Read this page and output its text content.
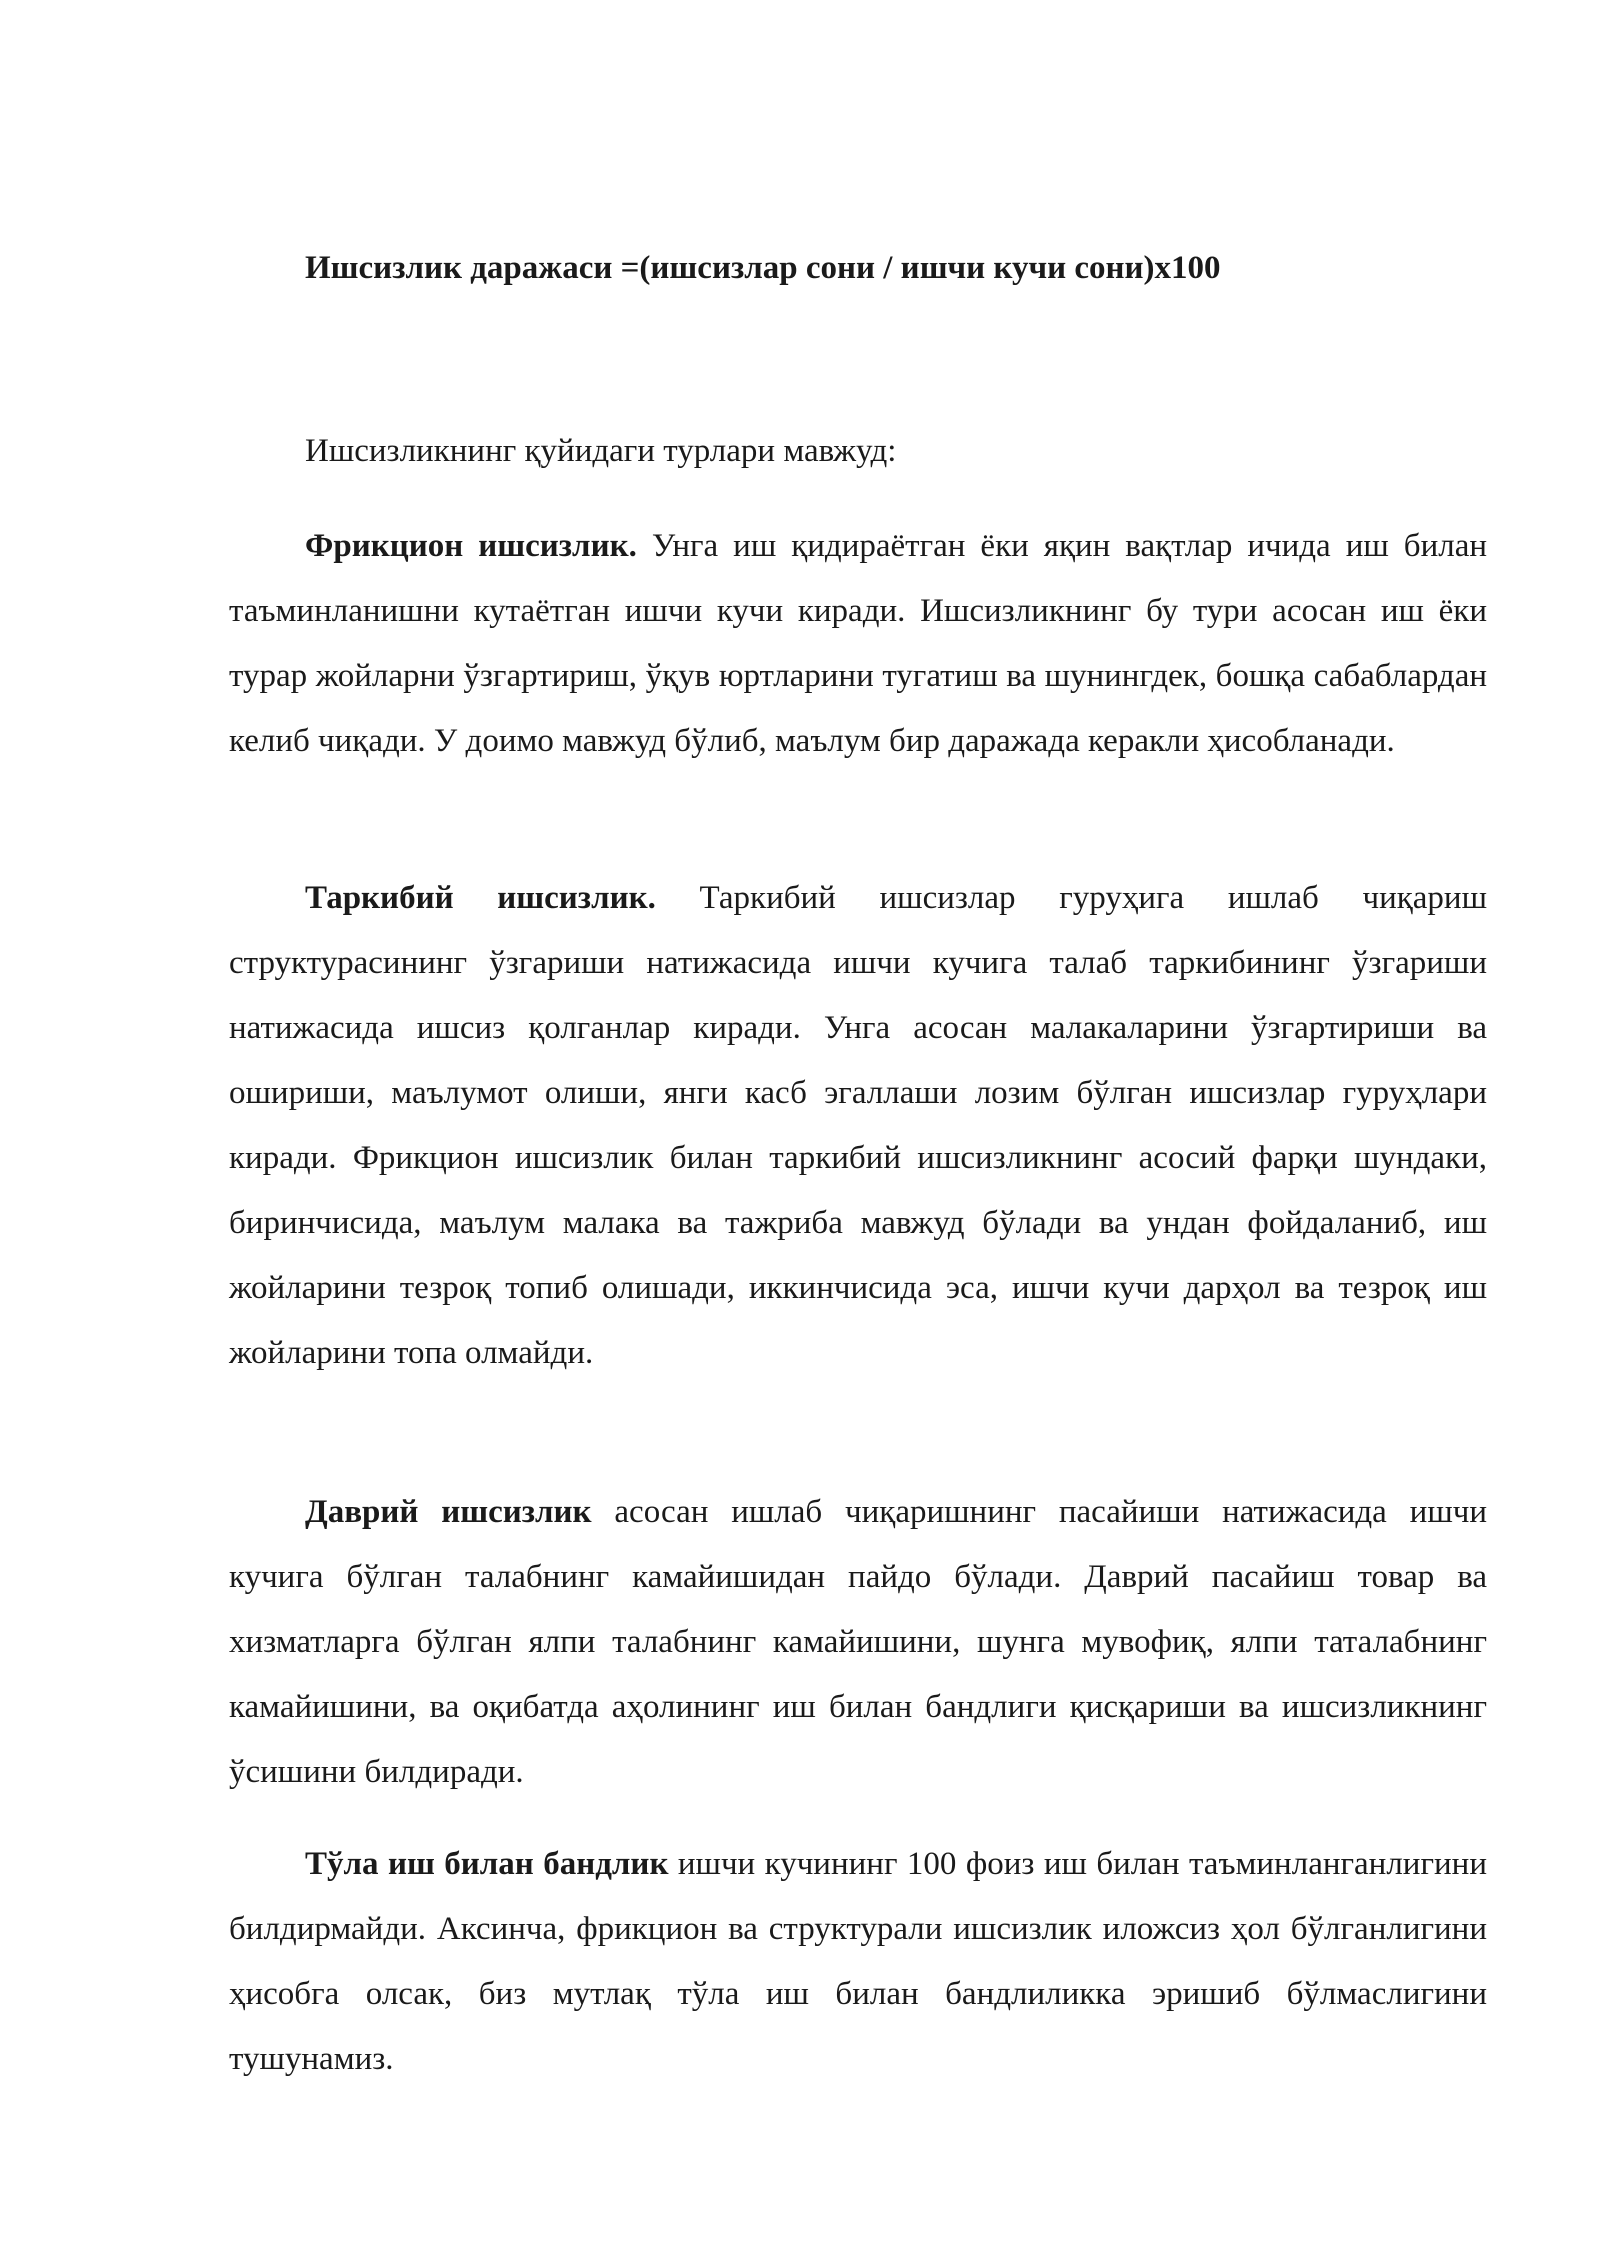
Ишсизлик даражаси =(ишсизлар сони / ишчи кучи сони)х100

Ишсизликнинг қуйидаги турлари мавжуд:

Фрикцион ишсизлик. Унга иш қидираётган ёки яқин вақтлар ичида иш билан таъминланишни кутаётган ишчи кучи киради. Ишсизликнинг бу тури асосан иш ёки турар жойларни ўзгартириш, ўқув юртларини тугатиш ва шунингдек, бошқа сабаблардан келиб чиқади. У доимо мавжуд бўлиб, маълум бир даражада керакли ҳисобланади.

Таркибий ишсизлик. Таркибий ишсизлар гуруҳига ишлаб чиқариш структурасининг ўзгариши натижасида ишчи кучига талаб таркибининг ўзгариши натижасида ишсиз қолганлар киради. Унга асосан малакаларини ўзгартириши ва ошириши, маълумот олиши, янги касб эгаллаши лозим бўлган ишсизлар гуруҳлари киради. Фрикцион ишсизлик билан таркибий ишсизликнинг асосий фарқи шундаки, биринчисида, маълум малака ва тажриба мавжуд бўлади ва ундан фойдаланиб, иш жойларини тезроқ топиб олишади, иккинчисида эса, ишчи кучи дарҳол ва тезроқ иш жойларини топа олмайди.

Даврий ишсизлик асосан ишлаб чиқаришнинг пасайиши натижасида ишчи кучига бўлган талабнинг камайишидан пайдо бўлади. Даврий пасайиш товар ва хизматларга бўлган ялпи талабнинг камайишини, шунга мувофиқ, ялпи таталабнинг камайишини, ва оқибатда аҳолининг иш билан бандлиги қисқариши ва ишсизликнинг ўсишини билдиради.

Тўла иш билан бандлик ишчи кучининг 100 фоиз иш билан таъминланганлигини билдирмайди. Аксинча, фрикцион ва структурали ишсизлик иложсиз ҳол бўлганлигини ҳисобга олсак, биз мутлақ тўла иш билан бандлиликка эришиб бўлмаслигини тушунамиз.
